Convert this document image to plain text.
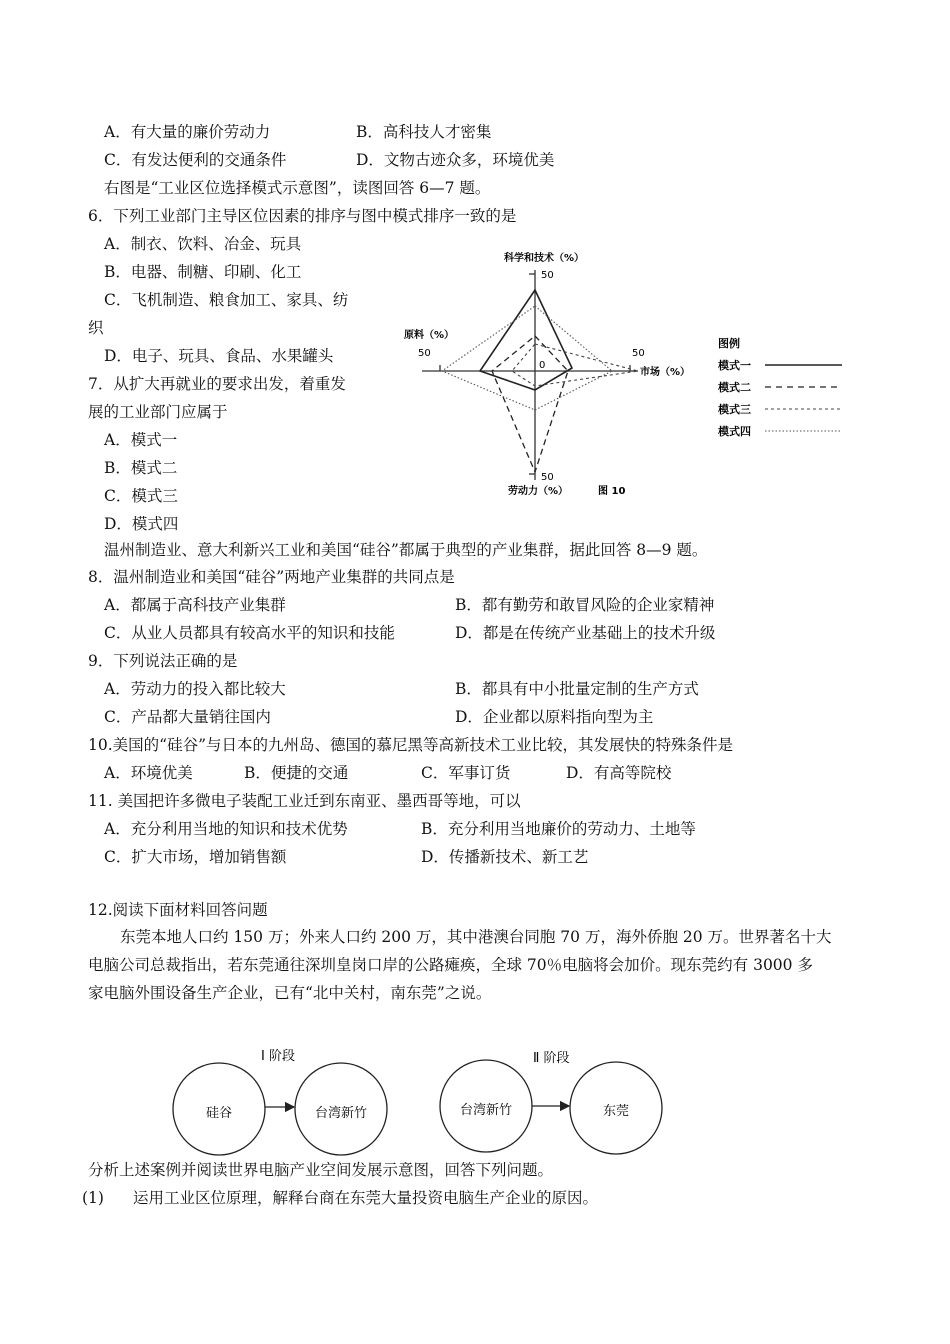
A．有大量的廉价劳动力	B．高科技人才密集
C．有发达便利的交通条件	D．文物古迹众多，环境优美
右图是“工业区位选择模式示意图”，读图回答 6—7 题。
6．下列工业部门主导区位因素的排序与图中模式排序一致的是
A．制衣、饮料、冶金、玩具
B．电器、制糖、印刷、化工
C．飞机制造、粮食加工、家具、纺
织
D．电子、玩具、食品、水果罐头
7．从扩大再就业的要求出发，着重发
展的工业部门应属于
A．模式一
B．模式二
C．模式三
D．模式四
科学和技术（%）
50
原料（%）
50	50
市场（%）
0
50
劳动力（%）	图 10
图例
模式一
模式二
模式三
模式四
温州制造业、意大利新兴工业和美国“硅谷”都属于典型的产业集群，据此回答 8—9 题。
8．温州制造业和美国“硅谷”两地产业集群的共同点是
A．都属于高科技产业集群	B．都有勤劳和敢冒风险的企业家精神
C．从业人员都具有较高水平的知识和技能	D．都是在传统产业基础上的技术升级
9．下列说法正确的是
A．劳动力的投入都比较大	B．都具有中小批量定制的生产方式
C．产品都大量销往国内	D．企业都以原料指向型为主
10.美国的“硅谷”与日本的九州岛、德国的慕尼黑等高新技术工业比较，其发展快的特殊条件是
A．环境优美	B．便捷的交通	C．军事订货	D．有高等院校
11. 美国把许多微电子装配工业迁到东南亚、墨西哥等地，可以
A．充分利用当地的知识和技术优势	B．充分利用当地廉价的劳动力、土地等
C．扩大市场，增加销售额	D．传播新技术、新工艺
12.阅读下面材料回答问题
东莞本地人口约 150 万；外来人口约 200 万，其中港澳台同胞 70 万，海外侨胞 20 万。世界著名十大
电脑公司总裁指出，若东莞通往深圳皇岗口岸的公路瘫痪，全球 70％电脑将会加价。现东莞约有 3000 多
家电脑外围设备生产企业，已有“北中关村，南东莞”之说。
Ⅰ 阶段	Ⅱ 阶段
硅谷	台湾新竹	台湾新竹	东莞
分析上述案例并阅读世界电脑产业空间发展示意图，回答下列问题。
(1) 运用工业区位原理，解释台商在东莞大量投资电脑生产企业的原因。
